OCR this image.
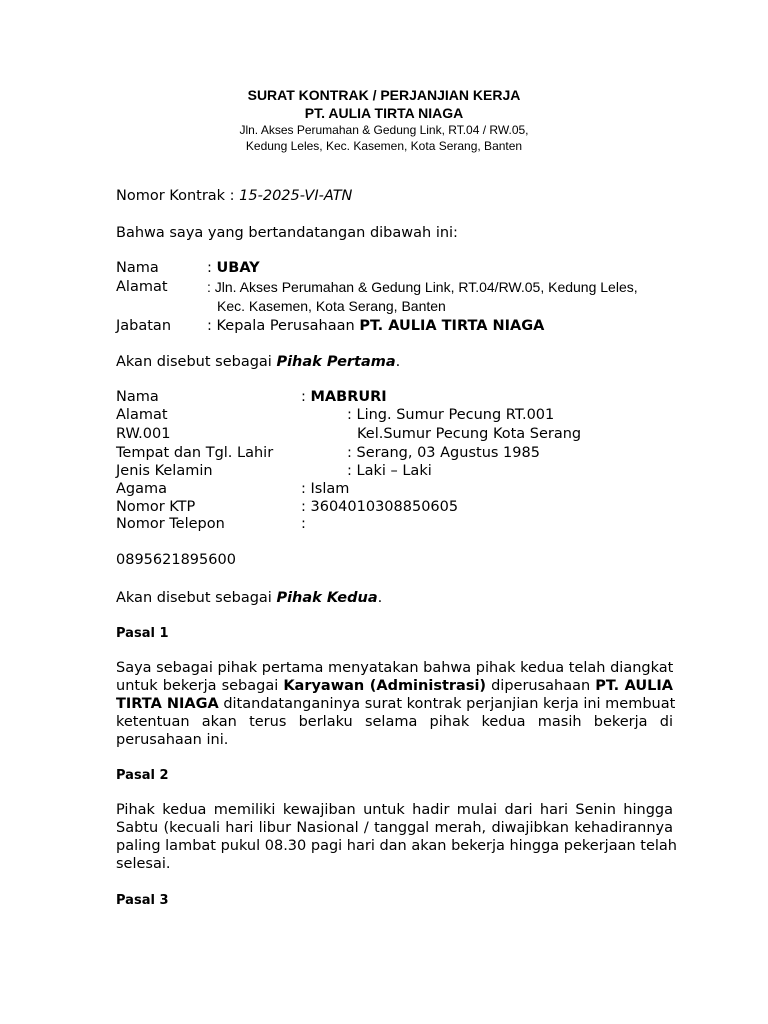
SURAT KONTRAK / PERJANJIAN KERJA
PT. AULIA TIRTA NIAGA
Jln. Akses Perumahan & Gedung Link, RT.04 / RW.05,
Kedung Leles, Kec. Kasemen, Kota Serang, Banten
Nomor Kontrak : 15-2025-VI-ATN
Bahwa saya yang bertandatangan dibawah ini:
Nama	: UBAY
Alamat	: Jln. Akses Perumahan & Gedung Link, RT.04/RW.05, Kedung Leles,
Kec. Kasemen, Kota Serang, Banten
Jabatan : Kepala Perusahaan PT. AULIA TIRTA NIAGA
Akan disebut sebagai Pihak Pertama.
Nama	: MABRURI
Alamat	: Ling. Sumur Pecung RT.001
RW.001	Kel.Sumur Pecung Kota Serang
Tempat dan Tgl. Lahir	: Serang, 03 Agustus 1985
Jenis Kelamin	: Laki – Laki
Agama	: Islam
Nomor KTP	: 3604010308850605
Nomor Telepon	:
0895621895600
Akan disebut sebagai Pihak Kedua.
Pasal 1
Saya sebagai pihak pertama menyatakan bahwa pihak kedua telah diangkat
untuk bekerja sebagai Karyawan (Administrasi) diperusahaan PT. AULIA
TIRTA NIAGA ditandatanganinya surat kontrak perjanjian kerja ini membuat
ketentuan akan terus berlaku selama pihak kedua masih bekerja di
perusahaan ini.
Pasal 2
Pihak kedua memiliki kewajiban untuk hadir mulai dari hari Senin hingga
Sabtu (kecuali hari libur Nasional / tanggal merah, diwajibkan kehadirannya
paling lambat pukul 08.30 pagi hari dan akan bekerja hingga pekerjaan telah
selesai.
Pasal 3
